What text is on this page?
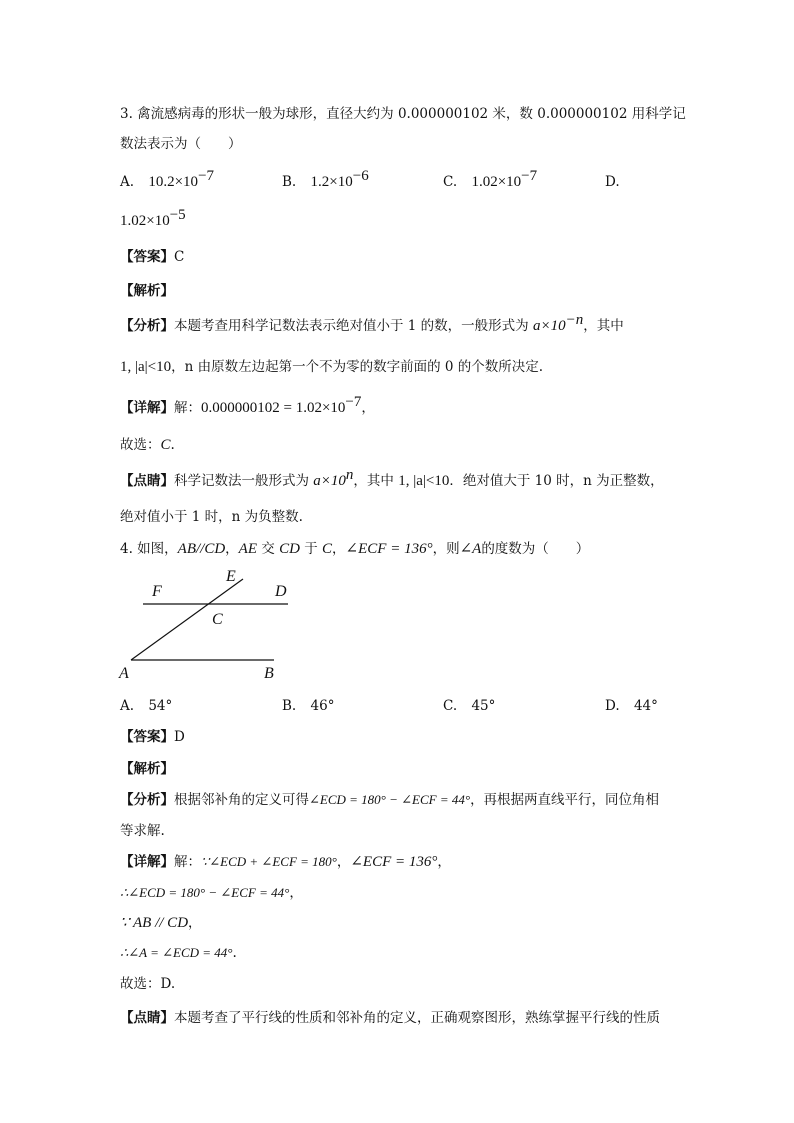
3. 禽流感病毒的形状一般为球形，直径大约为 0.000000102 米，数 0.000000102 用科学记
数法表示为（　　）
A. $10.2\times 10^{-7}$	B. $1.2\times 10^{-6}$	C. $1.02\times 10^{-7}$	D.
$1.02\times 10^{-5}$
【答案】C
【解析】
【分析】本题考查用科学记数法表示绝对值小于 1 的数，一般形式为 $a\times 10^{-n}$，其中
1, |a|<10，n 由原数左边起第一个不为零的数字前面的 0 的个数所决定.
【详解】解：$0.000000102 = 1.02\times 10^{-7}$，
故选：C.
【点睛】科学记数法一般形式为 $a\times 10^n$，其中 1, |a|<10．绝对值大于 10 时，n 为正整数，
绝对值小于 1 时，n 为负整数.
4. 如图，AB//CD，AE 交 CD 于 C，∠ECF = 136°，则∠A的度数为（　　）
E
F	D
C
A	B
A. 54°	B. 46°	C. 45°	D. 44°
【答案】D
【解析】
【分析】根据邻补角的定义可得∠ECD = 180° − ∠ECF = 44°，再根据两直线平行，同位角相
等求解.
【详解】解：∵∠ECD + ∠ECF = 180°，∠ECF = 136°，
∴∠ECD = 180° − ∠ECF = 44°，
∵ AB // CD，
∴∠A = ∠ECD = 44°.
故选：D.
【点睛】本题考查了平行线的性质和邻补角的定义，正确观察图形，熟练掌握平行线的性质
